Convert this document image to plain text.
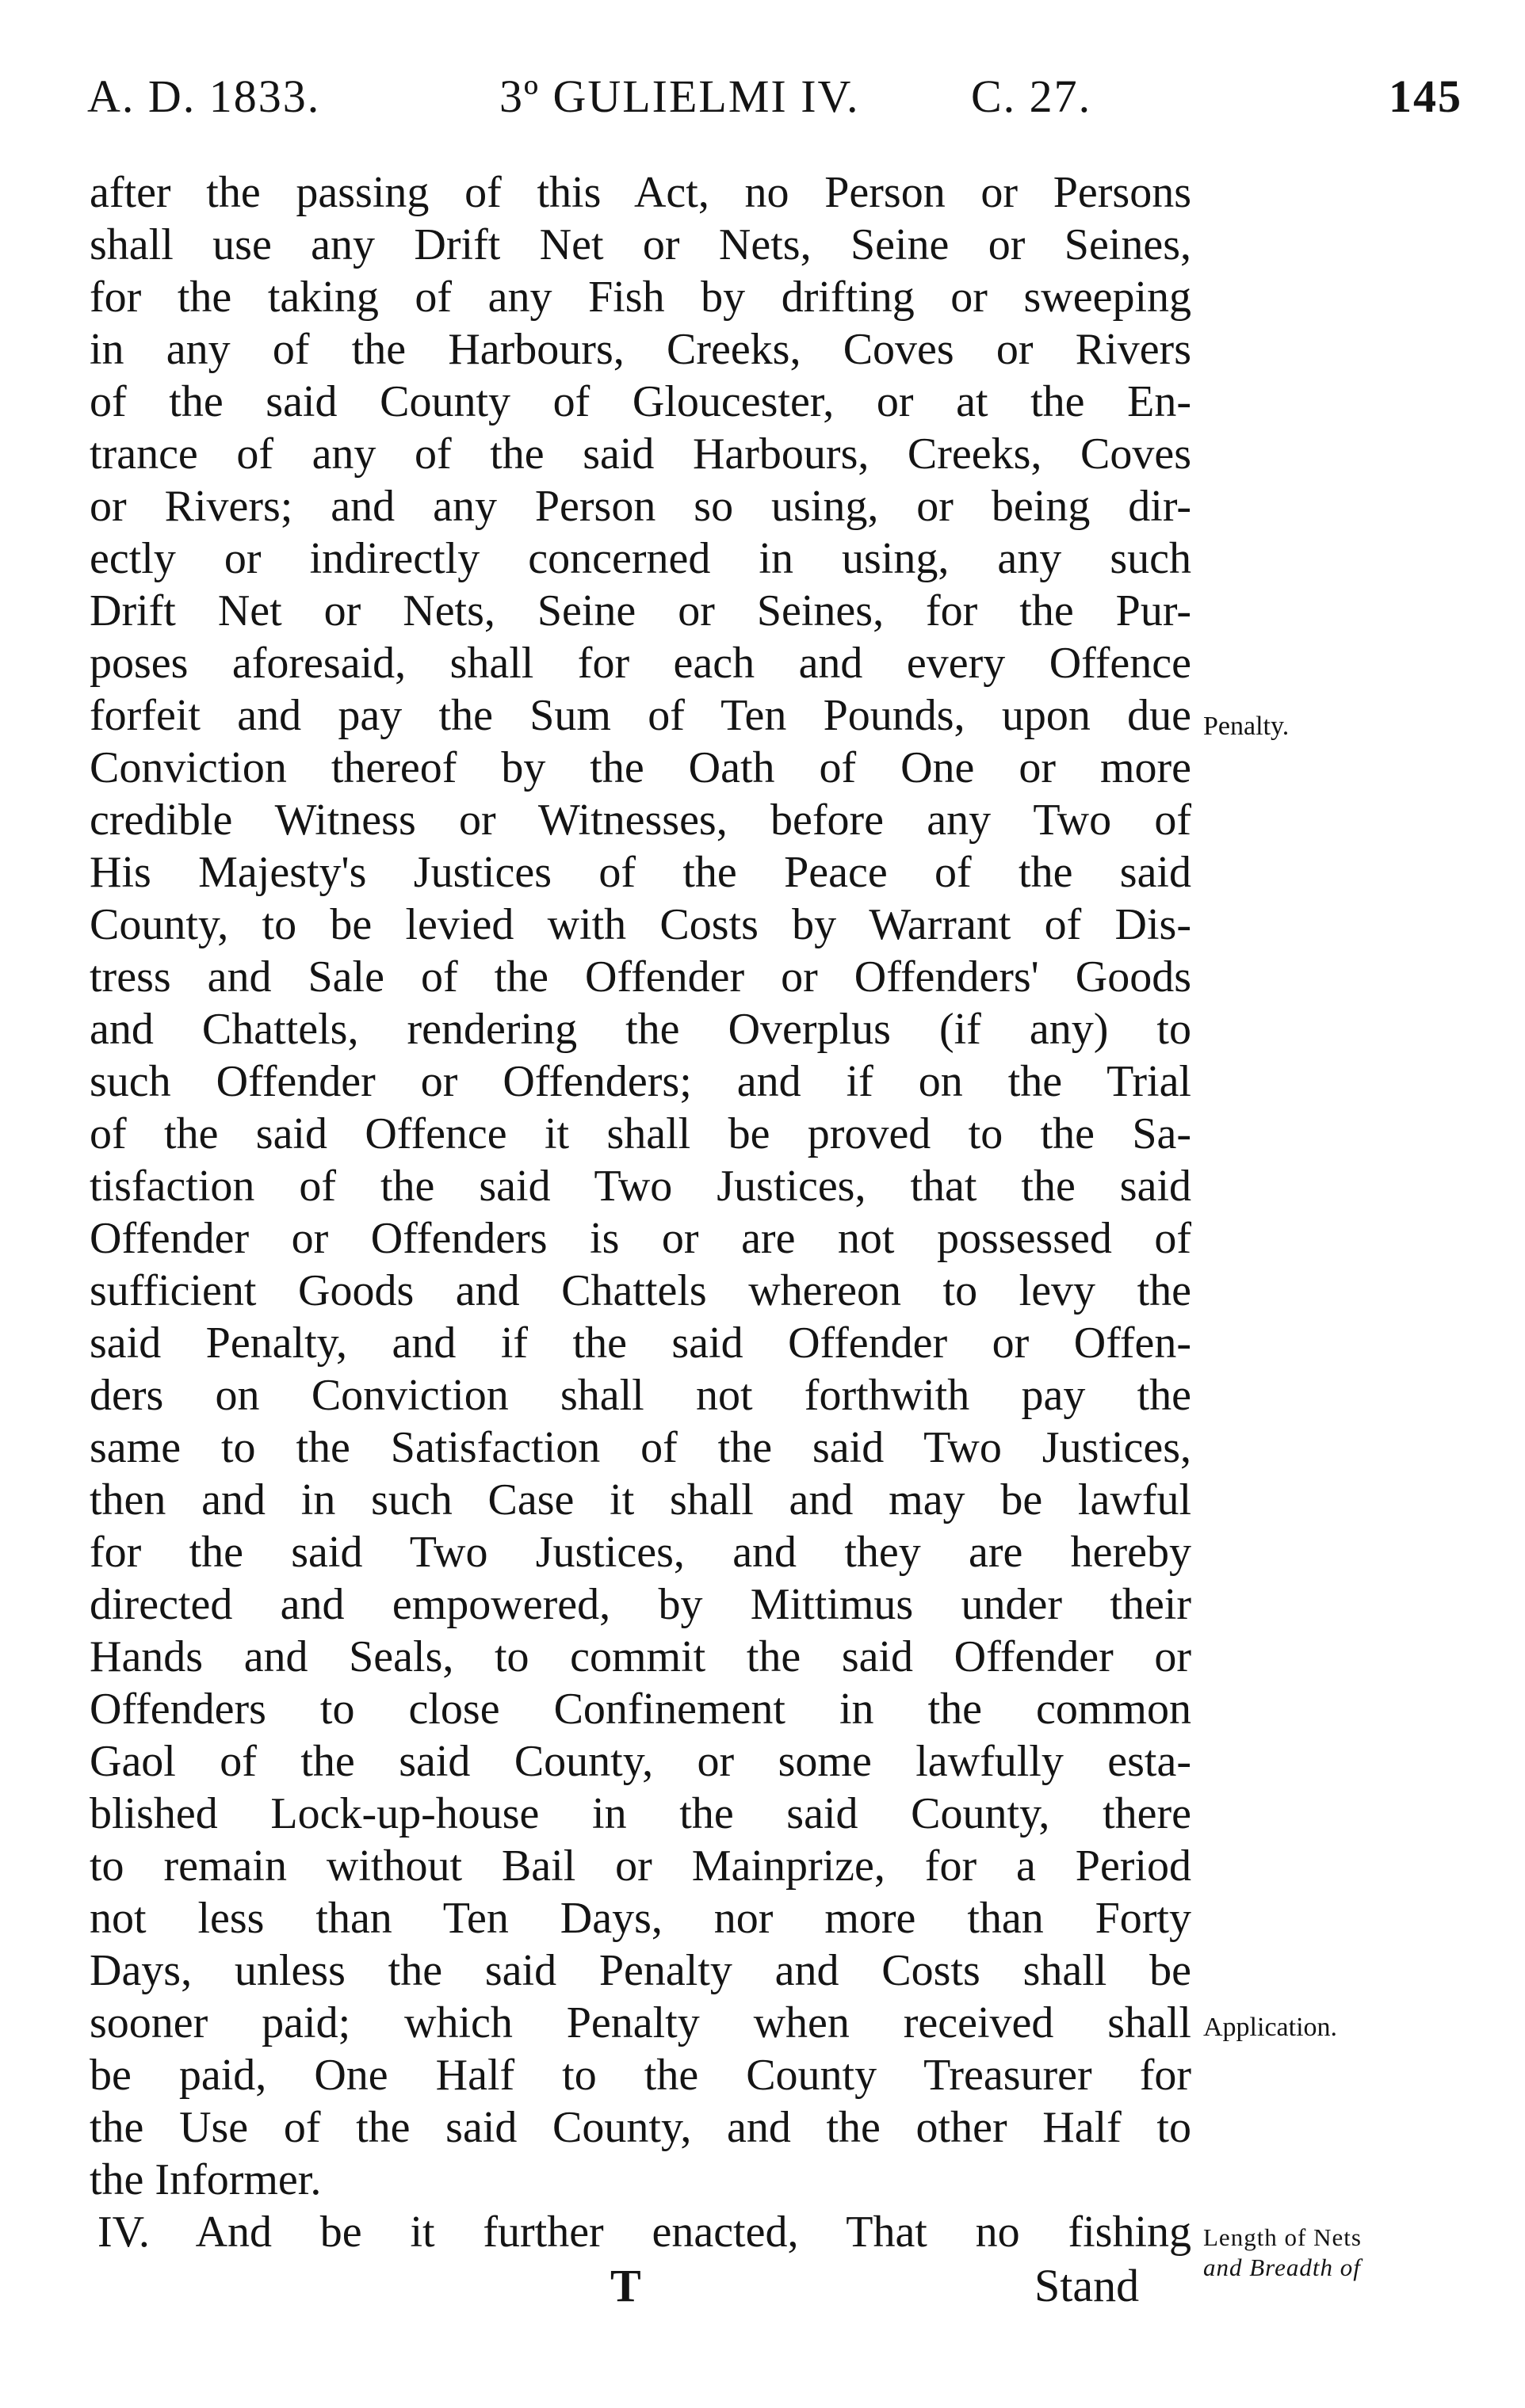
A. D. 1833.	3º GULIELMI IV. C. 27.	145
after the passing of this Act, no Person or Persons
shall use any Drift Net or Nets, Seine or Seines,
for the taking of any Fish by drifting or sweeping
in any of the Harbours, Creeks, Coves or Rivers
of the said County of Gloucester, or at the En-
trance of any of the said Harbours, Creeks, Coves
or Rivers; and any Person so using, or being dir-
ectly or indirectly concerned in using, any such
Drift Net or Nets, Seine or Seines, for the Pur-
poses aforesaid, shall for each and every Offence
forfeit and pay the Sum of Ten Pounds, upon due
Conviction thereof by the Oath of One or more
credible Witness or Witnesses, before any Two of
His Majesty's Justices of the Peace of the said
County, to be levied with Costs by Warrant of Dis-
tress and Sale of the Offender or Offenders' Goods
and Chattels, rendering the Overplus (if any) to
such Offender or Offenders; and if on the Trial
of the said Offence it shall be proved to the Sa-
tisfaction of the said Two Justices, that the said
Offender or Offenders is or are not possessed of
sufficient Goods and Chattels whereon to levy the
said Penalty, and if the said Offender or Offen-
ders on Conviction shall not forthwith pay the
same to the Satisfaction of the said Two Justices,
then and in such Case it shall and may be lawful
for the said Two Justices, and they are hereby
directed and empowered, by Mittimus under their
Hands and Seals, to commit the said Offender or
Offenders to close Confinement in the common
Gaol of the said County, or some lawfully esta-
blished Lock-up-house in the said County, there
to remain without Bail or Mainprize, for a Period
not less than Ten Days, nor more than Forty
Days, unless the said Penalty and Costs shall be
sooner paid; which Penalty when received shall
be paid, One Half to the County Treasurer for
the Use of the said County, and the other Half to
the Informer.
IV. And be it further enacted, That no fishing
Penalty.
Application.
Length of Nets
and Breadth of
T	Stand
